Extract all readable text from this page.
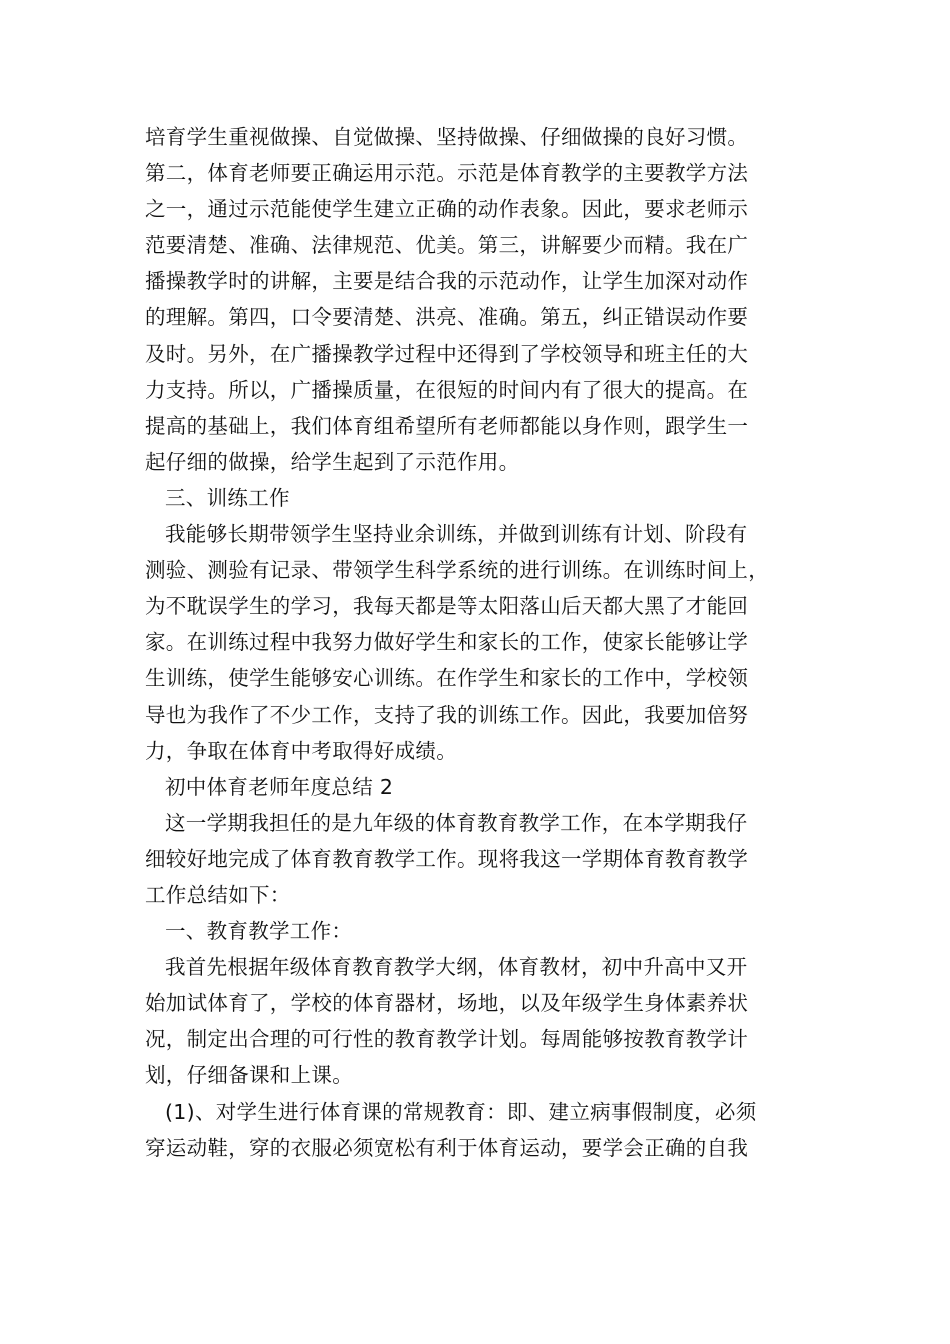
培育学生重视做操、自觉做操、坚持做操、仔细做操的良好习惯。
第二，体育老师要正确运用示范。示范是体育教学的主要教学方法
之一，通过示范能使学生建立正确的动作表象。因此，要求老师示
范要清楚、准确、法律规范、优美。第三，讲解要少而精。我在广
播操教学时的讲解，主要是结合我的示范动作，让学生加深对动作
的理解。第四，口令要清楚、洪亮、准确。第五，纠正错误动作要
及时。另外，在广播操教学过程中还得到了学校领导和班主任的大
力支持。所以，广播操质量，在很短的时间内有了很大的提高。在
提高的基础上，我们体育组希望所有老师都能以身作则，跟学生一
起仔细的做操，给学生起到了示范作用。
三、训练工作
我能够长期带领学生坚持业余训练，并做到训练有计划、阶段有
测验、测验有记录、带领学生科学系统的进行训练。在训练时间上，
为不耽误学生的学习，我每天都是等太阳落山后天都大黑了才能回
家。在训练过程中我努力做好学生和家长的工作，使家长能够让学
生训练，使学生能够安心训练。在作学生和家长的工作中，学校领
导也为我作了不少工作，支持了我的训练工作。因此，我要加倍努
力，争取在体育中考取得好成绩。
初中体育老师年度总结 2
这一学期我担任的是九年级的体育教育教学工作，在本学期我仔
细较好地完成了体育教育教学工作。现将我这一学期体育教育教学
工作总结如下：
一、教育教学工作：
我首先根据年级体育教育教学大纲，体育教材，初中升高中又开
始加试体育了，学校的体育器材，场地，以及年级学生身体素养状
况，制定出合理的可行性的教育教学计划。每周能够按教育教学计
划，仔细备课和上课。
(1)、对学生进行体育课的常规教育：即、建立病事假制度，必须
穿运动鞋，穿的衣服必须宽松有利于体育运动，要学会正确的自我
